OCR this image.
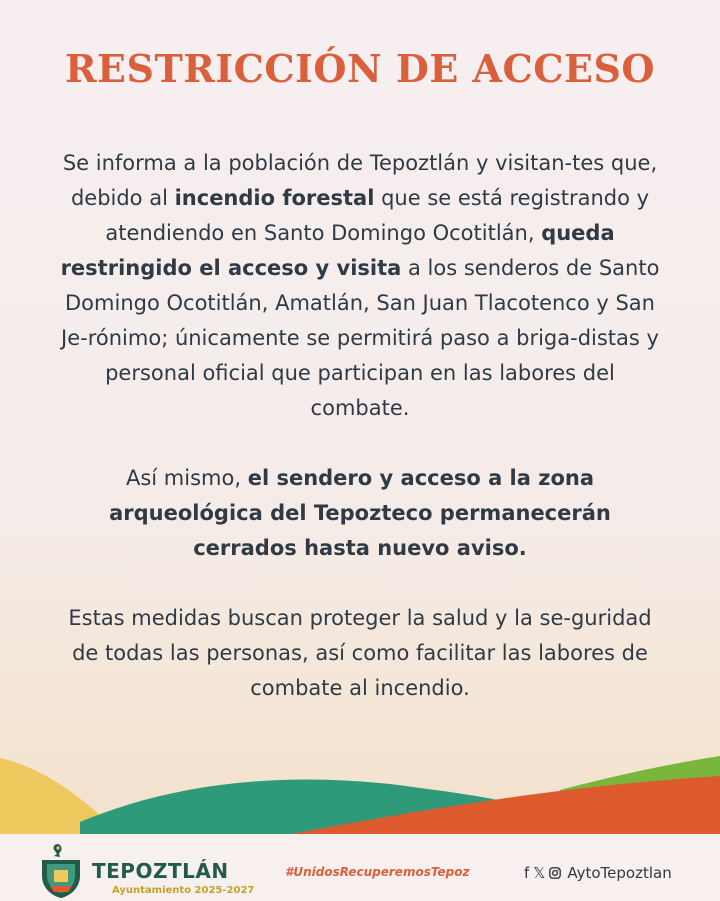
RESTRICCIÓN DE ACCESO

Se informa a la población de Tepoztlán y visitan-tes que, debido al incendio forestal que se está registrando y atendiendo en Santo Domingo Ocotitlán, queda restringido el acceso y visita a los senderos de Santo Domingo Ocotitlán, Amatlán, San Juan Tlacotenco y San Je-rónimo; únicamente se permitirá paso a briga-distas y personal oficial que participan en las labores del combate.

Así mismo, el sendero y acceso a la zona arqueológica del Tepozteco permanecerán cerrados hasta nuevo aviso.

Estas medidas buscan proteger la salud y la se-guridad de todas las personas, así como facilitar las labores de combate al incendio.

TEPOZTLÁN
Ayuntamiento 2025-2027
#UnidosRecuperemosTepoz	f 𝕏 AytoTepoztlan
